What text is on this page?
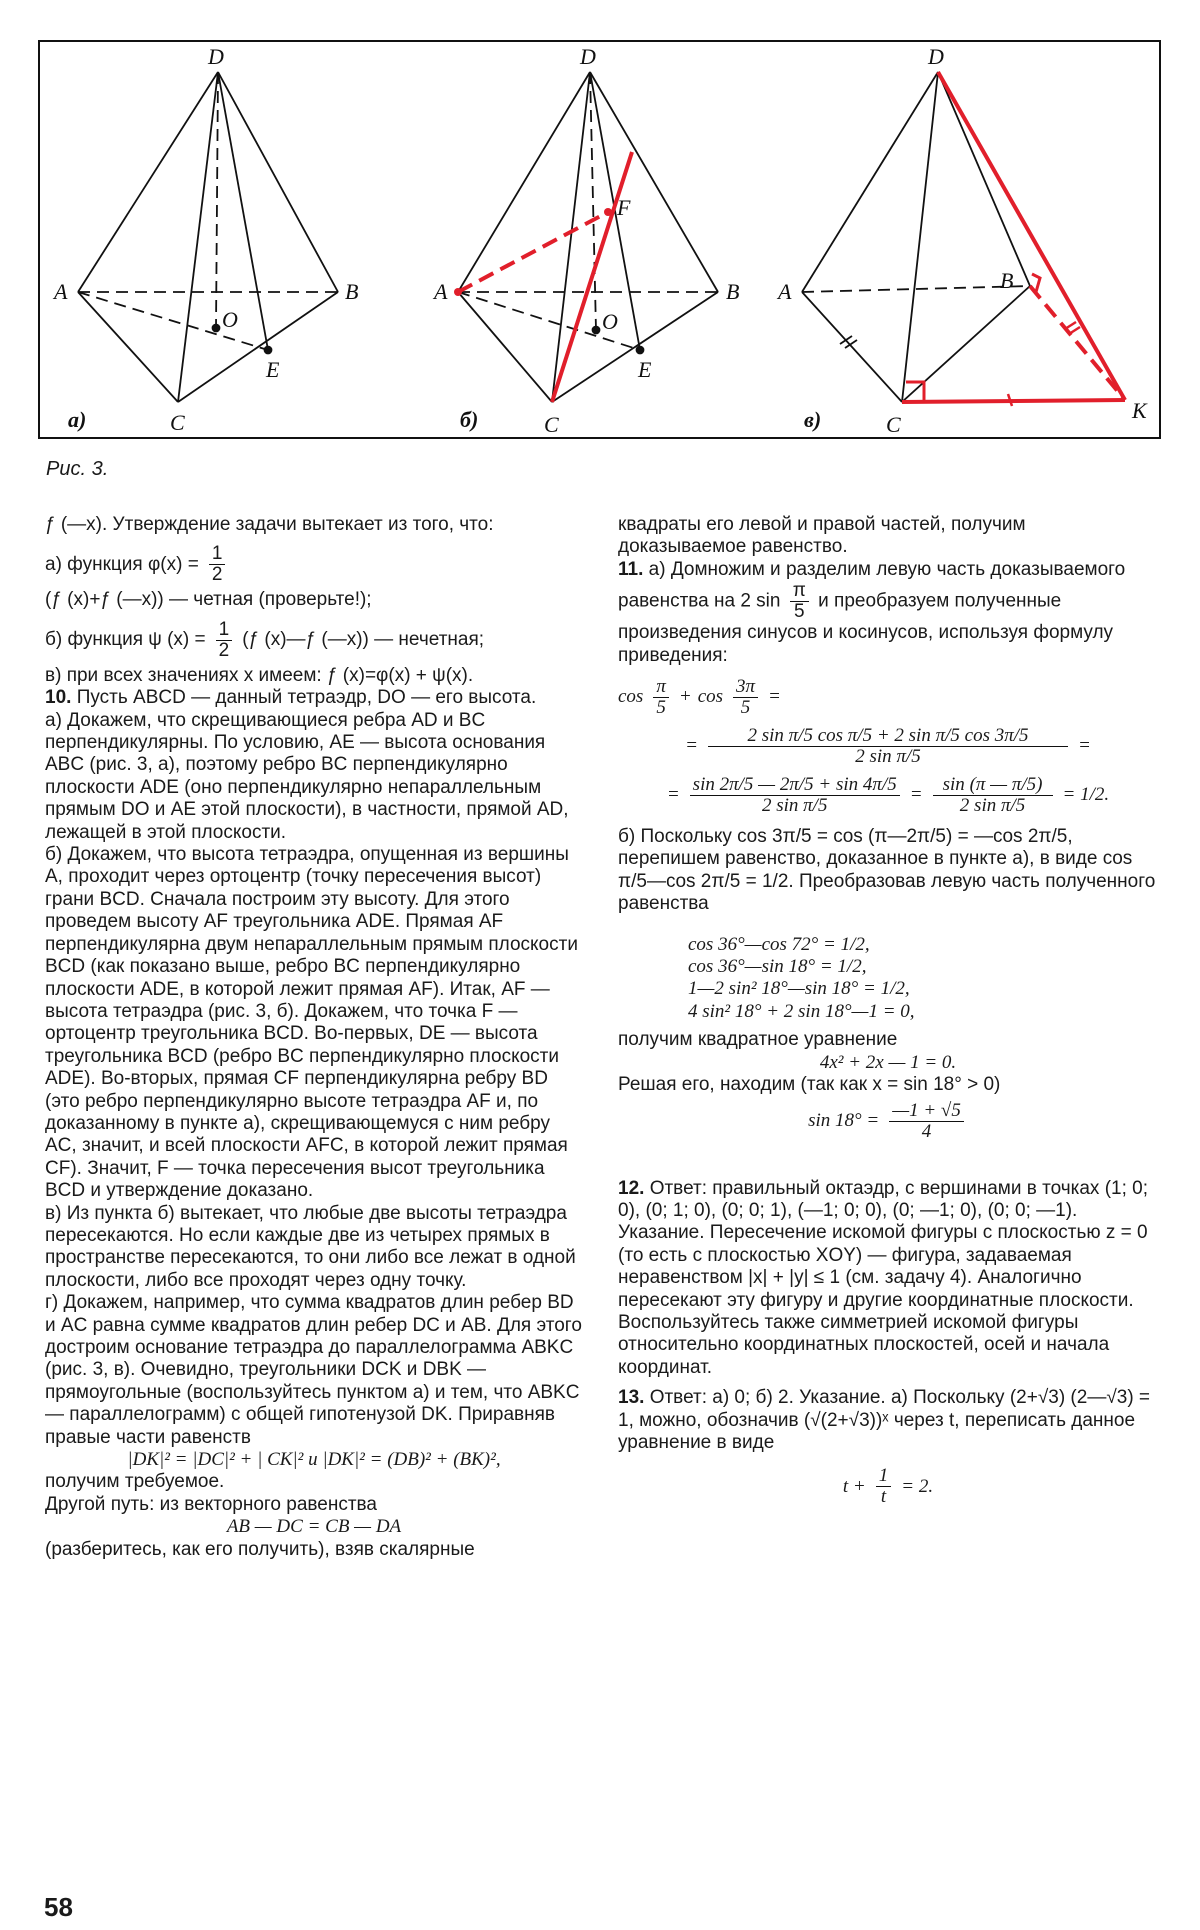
D
A	B
C
O
E
а)
D
A	B
C
O
E
F
б)
D
A	B
C
K
в)
Рис. 3.

ƒ (—x). Утверждение задачи вытекает из того, что:

а) функция $\varphi(x) = \frac{1}{2}$

(ƒ (x)+ƒ (—x)) — четная (проверьте!);

б) функция ψ $(x) = \frac{1}{2}$ (ƒ (x)—ƒ (—x)) — нечетная;

в) при всех значениях x имеем: ƒ (x)=φ(x) + ψ(x).

10. Пусть ABCD — данный тетраэдр, DO — его высота.

а) Докажем, что скрещивающиеся ребра AD и BC перпендикулярны. По условию, AE — высота основания ABC (рис. 3, а), поэтому ребро BC перпендикулярно плоскости ADE (оно перпендикулярно непараллельным прямым DO и AE этой плоскости), в частности, прямой AD, лежащей в этой плоскости.

б) Докажем, что высота тетраэдра, опущенная из вершины A, проходит через ортоцентр (точку пересечения высот) грани BCD. Сначала построим эту высоту. Для этого проведем высоту AF треугольника ADE. Прямая AF перпендикулярна двум непараллельным прямым плоскости BCD (как показано выше, ребро BC перпендикулярно плоскости ADE, в которой лежит прямая AF). Итак, AF — высота тетраэдра (рис. 3, б). Докажем, что точка F — ортоцентр треугольника BCD. Во-первых, DE — высота треугольника BCD (ребро BC перпендикулярно плоскости ADE). Во-вторых, прямая CF перпендикулярна ребру BD (это ребро перпендикулярно высоте тетраэдра AF и, по доказанному в пункте а), скрещивающемуся с ним ребру AC, значит, и всей плоскости AFC, в которой лежит прямая CF). Значит, F — точка пересечения высот треугольника BCD и утверждение доказано.

в) Из пункта б) вытекает, что любые две высоты тетраэдра пересекаются. Но если каждые две из четырех прямых в пространстве пересекаются, то они либо все лежат в одной плоскости, либо все проходят через одну точку.

г) Докажем, например, что сумма квадратов длин ребер BD и AC равна сумме квадратов длин ребер DC и AB. Для этого достроим основание тетраэдра до параллелограмма ABKC (рис. 3, в). Очевидно, треугольники DCK и DBK — прямоугольные (воспользуйтесь пунктом а) и тем, что ABKC — параллелограмм) с общей гипотенузой DK. Приравняв правые части равенств

|DK|² = |DC|² + | CK|² и |DK|² = (DB)² + (BK)²,

получим требуемое.

Другой путь: из векторного равенства

AB — DC = CB — DA

(разберитесь, как его получить), взяв скалярные

квадраты его левой и правой частей, получим доказываемое равенство.

11. а) Домножим и разделим левую часть доказываемого равенства на 2 $\sin \frac{\pi}{5}$ и преобразуем полученные произведения синусов и косинусов, используя формулу приведения:

$\cos \frac{\pi}{5} + \cos \frac{3\pi}{5}$ =
=	2 sin π/5 cos π/5 + 2 sin π/5 cos 3π/5
2 sin π/5
=
= $\frac{\sin 2\pi/5 — 2\pi/5 + \sin 4\pi/5}{\text{2 sin π/5}} = \frac{\sin (\pi — \pi/5)}{\text{2 sin π/5}} = 1/2$.

б) Поскольку cos 3π/5 = cos (π—2π/5) = —cos 2π/5, перепишем равенство, доказанное в пункте а), в виде cos π/5—cos 2π/5 = 1/2. Преобразовав левую часть полученного равенства

cos 36°—cos 72° = 1/2,

cos 36°—sin 18° = 1/2,

1—2 sin² 18°—sin 18° = 1/2,

4 sin² 18° + 2 sin 18°—1 = 0,

получим квадратное уравнение

4x² + 2x — 1 = 0.

Решая его, находим (так как x = sin 18° > 0)

$\sin 18^\circ = \frac{—1 + √5}{4}$

12. Ответ: правильный октаэдр, с вершинами в точках (1; 0; 0), (0; 1; 0), (0; 0; 1), (—1; 0; 0), (0; —1; 0), (0; 0; —1). Указание. Пересечение искомой фигуры с плоскостью z = 0 (то есть с плоскостью XOY) — фигура, задаваемая неравенством |x| + |y| ≤ 1 (см. задачу 4). Аналогично пересекают эту фигуру и другие координатные плоскости. Воспользуйтесь также симметрией искомой фигуры относительно координатных плоскостей, осей и начала координат.

13. Ответ: а) 0; б) 2. Указание. а) Поскольку (2+√3) (2—√3) = 1, можно, обозначив (√(2+√3))ˣ через t, переписать данное уравнение в виде

$t + \frac{1}{t} = 2$.
58
